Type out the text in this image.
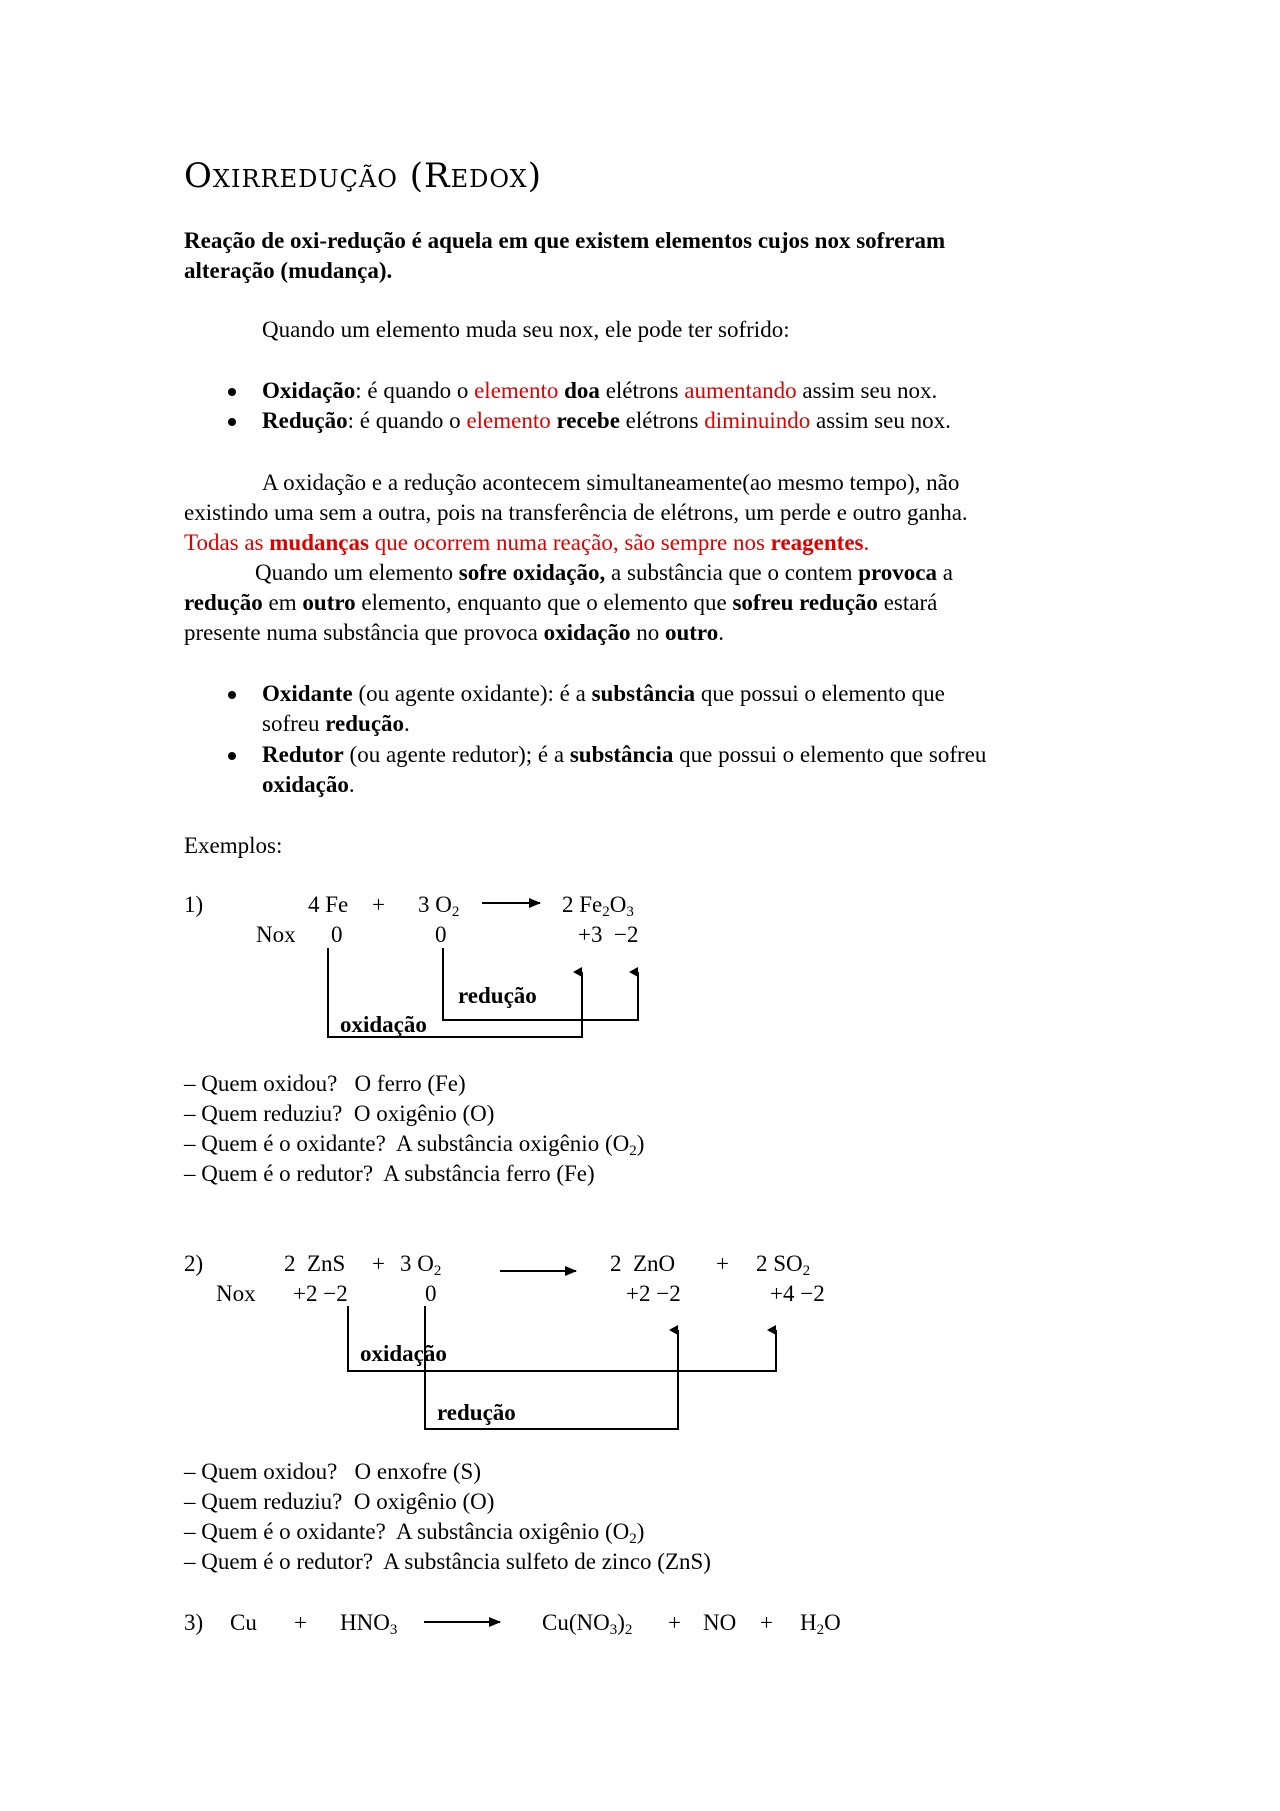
Oxirredução (Redox)
Reação de oxi-redução é aquela em que existem elementos cujos nox sofreram
alteração (mudança).
Quando um elemento muda seu nox, ele pode ter sofrido:
Oxidação: é quando o elemento doa elétrons aumentando assim seu nox.
Redução: é quando o elemento recebe elétrons diminuindo assim seu nox.
A oxidação e a redução acontecem simultaneamente(ao mesmo tempo), não
existindo uma sem a outra, pois na transferência de elétrons, um perde e outro ganha.
Todas as mudanças que ocorrem numa reação, são sempre nos reagentes.
Quando um elemento sofre oxidação, a substância que o contem provoca a
redução em outro elemento, enquanto que o elemento que sofreu redução estará
presente numa substância que provoca oxidação no outro.
Oxidante (ou agente oxidante): é a substância que possui o elemento que
sofreu redução.
Redutor (ou agente redutor); é a substância que possui o elemento que sofreu
oxidação.
Exemplos:
1)	4 Fe + 3 $O_2$	2 $Fe_2O_3$
Nox 0	0	+3  −2
redução
oxidação
– Quem oxidou?   O ferro (Fe)
– Quem reduziu?  O oxigênio (O)
– Quem é o oxidante?  A substância oxigênio $(O_2)$
– Quem é o redutor?  A substância ferro (Fe)
2)	2  ZnS + 3 $O_2$	2  ZnO + 2 $SO_2$
Nox +2 −2	0	+2 −2	+4 −2
oxidação
redução
– Quem oxidou?   O enxofre (S)
– Quem reduziu?  O oxigênio (O)
– Quem é o oxidante?  A substância oxigênio $(O_2)$
– Quem é o redutor?  A substância sulfeto de zinco (ZnS)
3) $Cu + HNO_3$	$Cu(NO_3)_2$ + NO + $H_2O$
